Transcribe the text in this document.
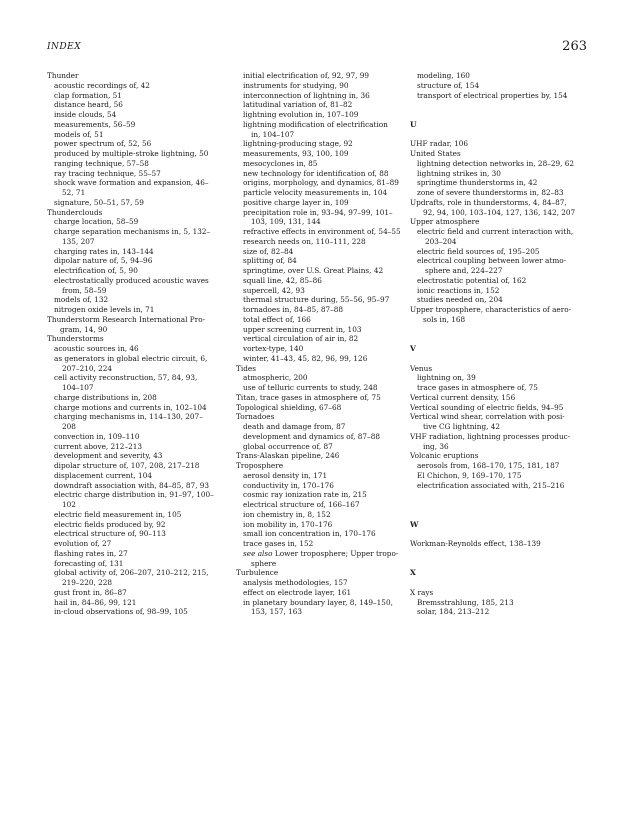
INDEX	263
Thunder
acoustic recordings of, 42
clap formation, 51
distance heard, 56
inside clouds, 54
measurements, 56–59
models of, 51
power spectrum of, 52, 56
produced by multiple-stroke lightning, 50
ranging technique, 57–58
ray tracing technique, 55–57
shock wave formation and expansion, 46–
52, 71
signature, 50–51, 57, 59
Thunderclouds
charge location, 58–59
charge separation mechanisms in, 5, 132–
135, 207
charging rates in, 143–144
dipolar nature of, 5, 94–96
electrification of, 5, 90
electrostatically produced acoustic waves
from, 58–59
models of, 132
nitrogen oxide levels in, 71
Thunderstorm Research International Pro-
gram, 14, 90
Thunderstorms
acoustic sources in, 46
as generators in global electric circuit, 6,
207–210, 224
cell activity reconstruction, 57, 84, 93,
104–107
charge distributions in, 208
charge motions and currents in, 102–104
charging mechanisms in, 114–130, 207–
208
convection in, 109–110
current above, 212–213
development and severity, 43
dipolar structure of, 107, 208, 217–218
displacement current, 104
downdraft association with, 84–85, 87, 93
electric charge distribution in, 91–97, 100–
102
electric field measurement in, 105
electric fields produced by, 92
electrical structure of, 90–113
evolution of, 27
flashing rates in, 27
forecasting of, 131
global activity of, 206–207, 210–212, 215,
219–220, 228
gust front in, 86–87
hail in, 84–86, 99, 121
in-cloud observations of, 98–99, 105
initial electrification of, 92, 97, 99
instruments for studying, 90
interconnection of lightning in, 36
latitudinal variation of, 81–82
lightning evolution in, 107–109
lightning modification of electrification
in, 104–107
lightning-producing stage, 92
measurements, 93, 100, 109
mesocyclones in, 85
new technology for identification of, 88
origins, morphology, and dynamics, 81–89
particle velocity measurements in, 104
positive charge layer in, 109
precipitation role in, 93–94, 97–99, 101–
103, 109, 131, 144
refractive effects in environment of, 54–55
research needs on, 110–111, 228
size of, 82–84
splitting of, 84
springtime, over U.S. Great Plains, 42
squall line, 42, 85–86
supercell, 42, 93
thermal structure during, 55–56, 95–97
tornadoes in, 84–85, 87–88
total effect of, 166
upper screening current in, 103
vertical circulation of air in, 82
vortex-type, 140
winter, 41–43, 45, 82, 96, 99, 126
Tides
atmospheric, 200
use of telluric currents to study, 248
Titan, trace gases in atmosphere of, 75
Topological shielding, 67–68
Tornadoes
death and damage from, 87
development and dynamics of, 87–88
global occurrence of, 87
Trans-Alaskan pipeline, 246
Troposphere
aerosol density in, 171
conductivity in, 170–176
cosmic ray ionization rate in, 215
electrical structure of, 166–167
ion chemistry in, 8, 152
ion mobility in, 170–176
small ion concentration in, 170–176
trace gases in, 152
see also Lower troposphere; Upper tropo-
sphere
Turbulence
analysis methodologies, 157
effect on electrode layer, 161
in planetary boundary layer, 8, 149–150,
153, 157, 163
modeling, 160
structure of, 154
transport of electrical properties by, 154
U
UHF radar, 106
United States
lightning detection networks in, 28–29, 62
lightning strikes in, 30
springtime thunderstorms in, 42
zone of severe thunderstorms in, 82–83
Updrafts, role in thunderstorms, 4, 84–87,
92, 94, 100, 103–104, 127, 136, 142, 207
Upper atmosphere
electric field and current interaction with,
203–204
electric field sources of, 195–205
electrical coupling between lower atmo-
sphere and, 224–227
electrostatic potential of, 162
ionic reactions in, 152
studies needed on, 204
Upper troposphere, characteristics of aero-
sols in, 168
V
Venus
lightning on, 39
trace gases in atmosphere of, 75
Vertical current density, 156
Vertical sounding of electric fields, 94–95
Vertical wind shear, correlation with posi-
tive CG lightning, 42
VHF radiation, lightning processes produc-
ing, 36
Volcanic eruptions
aerosols from, 168–170, 175, 181, 187
El Chichon, 9, 169–170, 175
electrification associated with, 215–216
W
Workman-Reynolds effect, 138–139
X
X rays
Bremsstrahlung, 185, 213
solar, 184, 213–212
